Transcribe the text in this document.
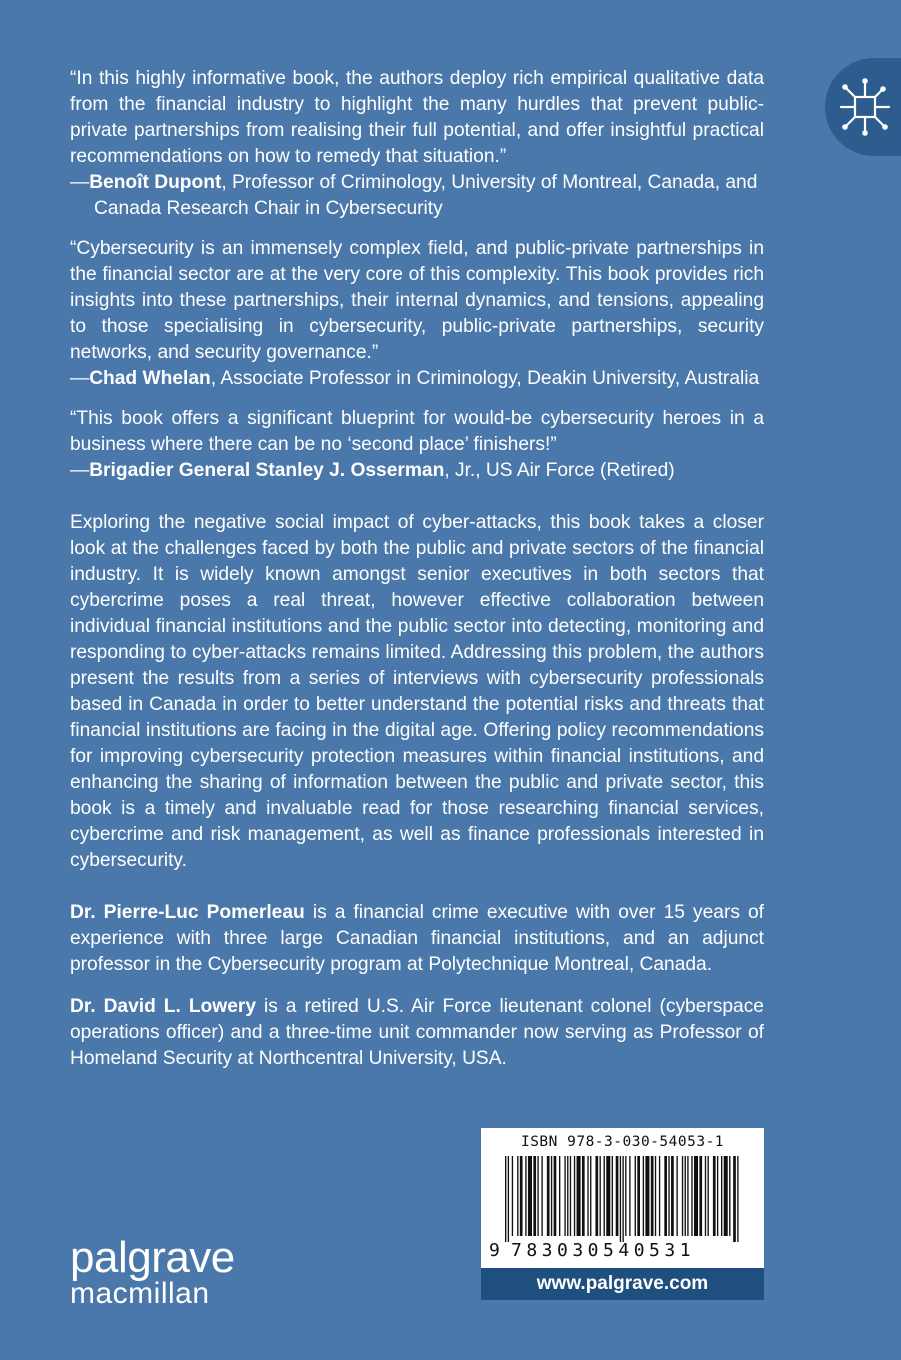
“In this highly informative book, the authors deploy rich empirical qualitative data from the financial industry to highlight the many hurdles that prevent public-private partnerships from realising their full potential, and offer insightful practical recommendations on how to remedy that situation.”

—Benoît Dupont, Professor of Criminology, University of Montreal, Canada, and Canada Research Chair in Cybersecurity

“Cybersecurity is an immensely complex field, and public-private partnerships in the financial sector are at the very core of this complexity. This book provides rich insights into these partnerships, their internal dynamics, and tensions, appealing to those specialising in cybersecurity, public-private partnerships, security networks, and security governance.”

—Chad Whelan, Associate Professor in Criminology, Deakin University, Australia

“This book offers a significant blueprint for would-be cybersecurity heroes in a business where there can be no ‘second place’ finishers!”

—Brigadier General Stanley J. Osserman, Jr., US Air Force (Retired)

Exploring the negative social impact of cyber-attacks, this book takes a closer look at the challenges faced by both the public and private sectors of the financial industry. It is widely known amongst senior executives in both sectors that cybercrime poses a real threat, however effective collaboration between individual financial institutions and the public sector into detecting, monitoring and responding to cyber-attacks remains limited. Addressing this problem, the authors present the results from a series of interviews with cybersecurity professionals based in Canada in order to better understand the potential risks and threats that financial institutions are facing in the digital age. Offering policy recommendations for improving cybersecurity protection measures within financial institutions, and enhancing the sharing of information between the public and private sector, this book is a timely and invaluable read for those researching financial services, cybercrime and risk management, as well as finance professionals interested in cybersecurity.

Dr. Pierre-Luc Pomerleau is a financial crime executive with over 15 years of experience with three large Canadian financial institutions, and an adjunct professor in the Cybersecurity program at Polytechnique Montreal, Canada.

Dr. David L. Lowery is a retired U.S. Air Force lieutenant colonel (cyberspace operations officer) and a three-time unit commander now serving as Professor of Homeland Security at Northcentral University, USA.

ISBN 978-3-030-54053-1
9 783030540531
www.palgrave.com
palgrave
macmillan
